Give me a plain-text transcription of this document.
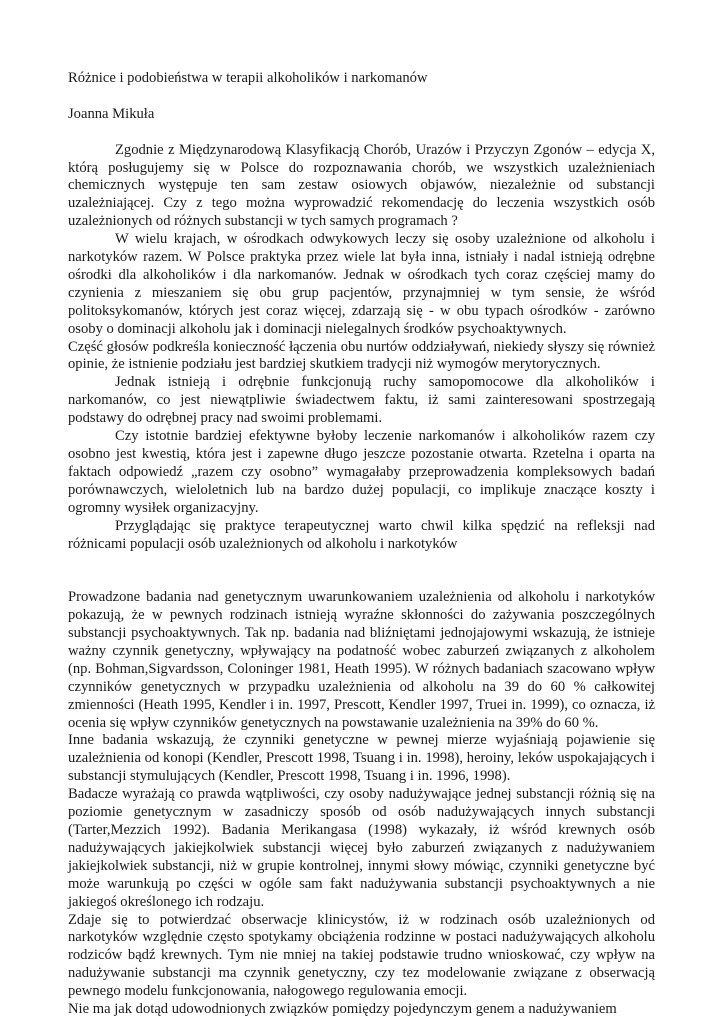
Różnice i podobieństwa w terapii alkoholików i narkomanów

Joanna Mikuła

Zgodnie z Międzynarodową Klasyfikacją Chorób, Urazów i Przyczyn Zgonów – edycja X, którą posługujemy się w Polsce do rozpoznawania chorób, we wszystkich uzależnieniach chemicznych występuje ten sam zestaw osiowych objawów, niezależnie od substancji uzależniającej. Czy z tego można wyprowadzić rekomendację do leczenia wszystkich osób uzależnionych od różnych substancji w tych samych programach ?

W wielu krajach, w ośrodkach odwykowych leczy się osoby uzależnione od alkoholu i narkotyków razem. W Polsce praktyka przez wiele lat była inna, istniały i nadal istnieją odrębne ośrodki dla alkoholików i dla narkomanów. Jednak w ośrodkach tych coraz częściej mamy do czynienia z mieszaniem się obu grup pacjentów, przynajmniej w tym sensie, że wśród politoksykomanów, których jest coraz więcej, zdarzają się - w obu typach ośrodków - zarówno osoby o dominacji alkoholu jak i dominacji nielegalnych środków psychoaktywnych.

Część głosów podkreśla konieczność łączenia obu nurtów oddziaływań, niekiedy słyszy się również opinie, że istnienie podziału jest bardziej skutkiem tradycji niż wymogów merytorycznych.

Jednak istnieją i odrębnie funkcjonują ruchy samopomocowe dla alkoholików i narkomanów, co jest niewątpliwie świadectwem faktu, iż sami zainteresowani spostrzegają podstawy do odrębnej pracy nad swoimi problemami.

Czy istotnie bardziej efektywne byłoby leczenie narkomanów i alkoholików razem czy osobno jest kwestią, która jest i zapewne długo jeszcze pozostanie otwarta. Rzetelna i oparta na faktach odpowiedź „razem czy osobno” wymagałaby przeprowadzenia kompleksowych badań porównawczych, wieloletnich lub na bardzo dużej populacji, co implikuje znaczące koszty i ogromny wysiłek organizacyjny.

Przyglądając się praktyce terapeutycznej warto chwil kilka spędzić na refleksji nad różnicami populacji osób uzależnionych od alkoholu i narkotyków

Prowadzone badania nad genetycznym uwarunkowaniem uzależnienia od alkoholu i narkotyków pokazują, że w pewnych rodzinach istnieją wyraźne skłonności do zażywania poszczególnych substancji psychoaktywnych. Tak np. badania nad bliźniętami jednojajowymi wskazują, że istnieje ważny czynnik genetyczny, wpływający na podatność wobec zaburzeń związanych z alkoholem (np. Bohman,Sigvardsson, Coloninger 1981, Heath 1995). W różnych badaniach szacowano wpływ czynników genetycznych w przypadku uzależnienia od alkoholu na 39 do 60 % całkowitej zmienności (Heath 1995, Kendler i in. 1997, Prescott, Kendler 1997, Truei in. 1999), co oznacza, iż ocenia się wpływ czynników genetycznych na powstawanie uzależnienia na 39% do 60 %.

Inne badania wskazują, że czynniki genetyczne w pewnej mierze wyjaśniają pojawienie się uzależnienia od konopi (Kendler, Prescott 1998, Tsuang i in. 1998), heroiny, leków uspokajających i substancji stymulujących (Kendler, Prescott 1998, Tsuang i in. 1996, 1998).

Badacze wyrażają co prawda wątpliwości, czy osoby nadużywające jednej substancji różnią się na poziomie genetycznym w zasadniczy sposób od osób nadużywających innych substancji (Tarter,Mezzich 1992). Badania Merikangasa (1998) wykazały, iż wśród krewnych osób nadużywających jakiejkolwiek substancji więcej było zaburzeń związanych z nadużywaniem jakiejkolwiek substancji, niż w grupie kontrolnej, innymi słowy mówiąc, czynniki genetyczne być może warunkują po części w ogóle sam fakt nadużywania substancji psychoaktywnych a nie jakiegoś określonego ich rodzaju.

Zdaje się to potwierdzać obserwacje klinicystów, iż w rodzinach osób uzależnionych od narkotyków względnie często spotykamy obciążenia rodzinne w postaci nadużywających alkoholu rodziców bądź krewnych. Tym nie mniej na takiej podstawie trudno wnioskować, czy wpływ na nadużywanie substancji ma czynnik genetyczny, czy tez modelowanie związane z obserwacją pewnego modelu funkcjonowania, nałogowego regulowania emocji.

Nie ma jak dotąd udowodnionych związków pomiędzy pojedynczym genem a nadużywaniem
